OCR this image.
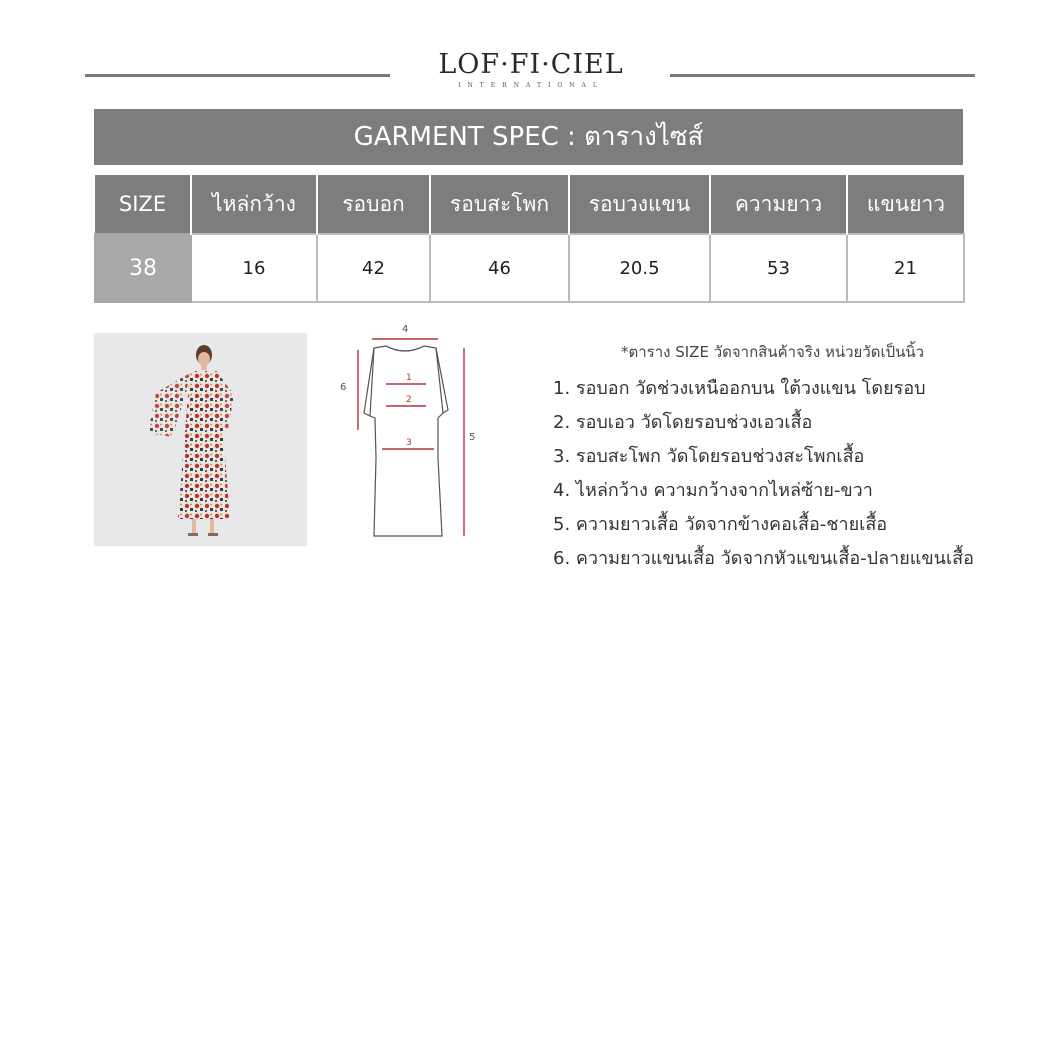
LOF·FI·CIEL
INTERNATIONAL
GARMENT SPEC : ตารางไซส์
SIZE	ไหล่กว้าง	รอบอก	รอบสะโพก	รอบวงแขน	ความยาว	แขนยาว
38	16	42	46	20.5	53	21
1
2
3
4
5
6
*ตาราง SIZE วัดจากสินค้าจริง หน่วยวัดเป็นนิ้ว
1. รอบอก วัดช่วงเหนืออกบน ใต้วงแขน โดยรอบ
2. รอบเอว วัดโดยรอบช่วงเอวเสื้อ
3. รอบสะโพก วัดโดยรอบช่วงสะโพกเสื้อ
4. ไหล่กว้าง ความกว้างจากไหล่ซ้าย-ขวา
5. ความยาวเสื้อ วัดจากข้างคอเสื้อ-ชายเสื้อ
6. ความยาวแขนเสื้อ วัดจากหัวแขนเสื้อ-ปลายแขนเสื้อ
